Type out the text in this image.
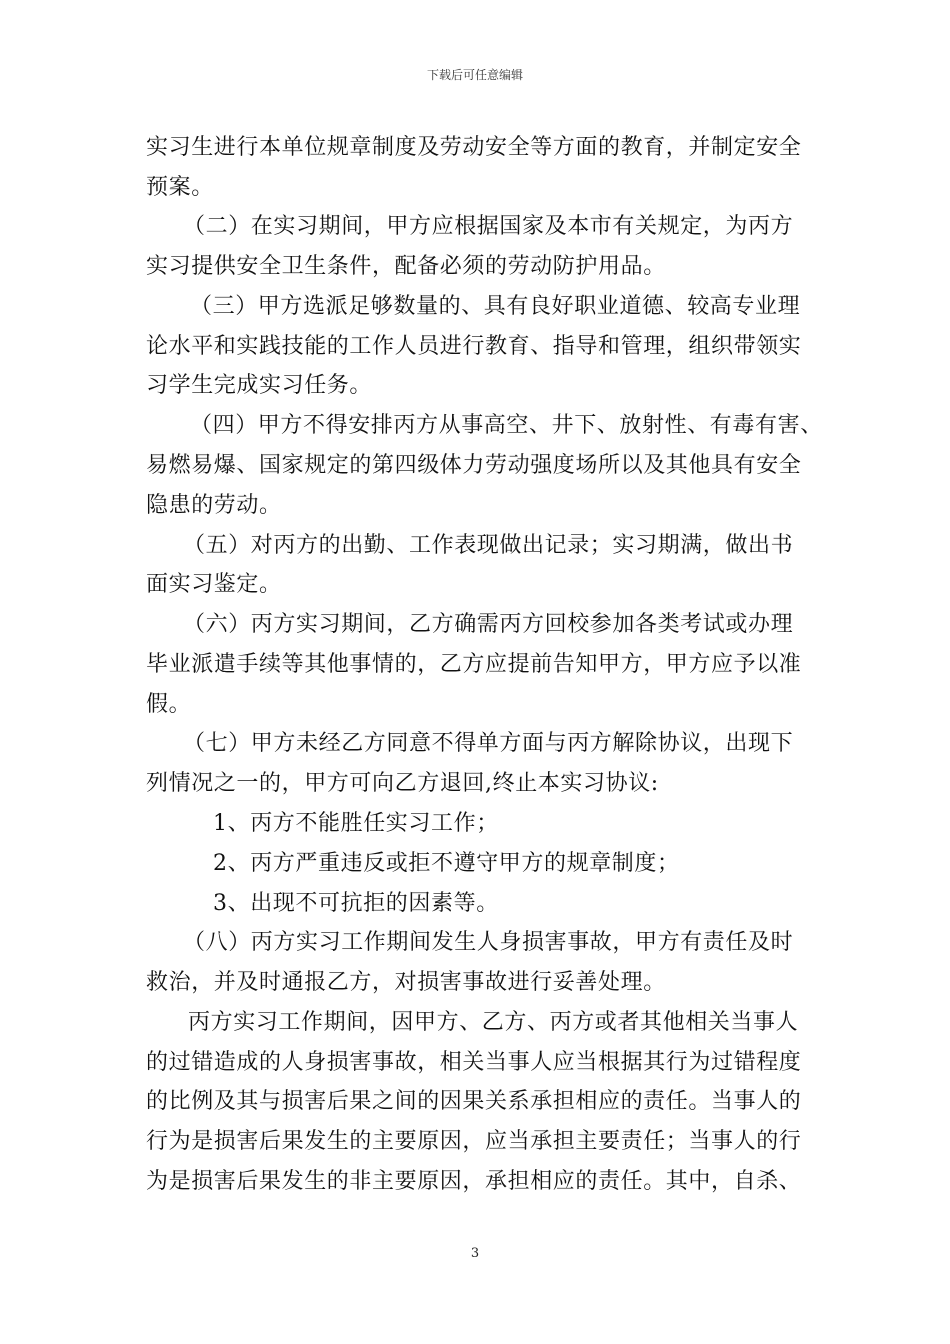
下载后可任意编辑
实习生进行本单位规章制度及劳动安全等方面的教育，并制定安全
预案。
（二）在实习期间，甲方应根据国家及本市有关规定，为丙方
实习提供安全卫生条件，配备必须的劳动防护用品。
（三）甲方选派足够数量的、具有良好职业道德、较高专业理
论水平和实践技能的工作人员进行教育、指导和管理，组织带领实
习学生完成实习任务。
（四）甲方不得安排丙方从事高空、井下、放射性、有毒有害、
易燃易爆、国家规定的第四级体力劳动强度场所以及其他具有安全
隐患的劳动。
（五）对丙方的出勤、工作表现做出记录；实习期满，做出书
面实习鉴定。
（六）丙方实习期间，乙方确需丙方回校参加各类考试或办理
毕业派遣手续等其他事情的，乙方应提前告知甲方，甲方应予以准
假。
（七）甲方未经乙方同意不得单方面与丙方解除协议，出现下
列情况之一的，甲方可向乙方退回,终止本实习协议:
1、丙方不能胜任实习工作；
2、丙方严重违反或拒不遵守甲方的规章制度；
3、出现不可抗拒的因素等。
（八）丙方实习工作期间发生人身损害事故，甲方有责任及时
救治，并及时通报乙方，对损害事故进行妥善处理。
丙方实习工作期间，因甲方、乙方、丙方或者其他相关当事人
的过错造成的人身损害事故，相关当事人应当根据其行为过错程度
的比例及其与损害后果之间的因果关系承担相应的责任。当事人的
行为是损害后果发生的主要原因，应当承担主要责任；当事人的行
为是损害后果发生的非主要原因，承担相应的责任。其中，自杀、
3
